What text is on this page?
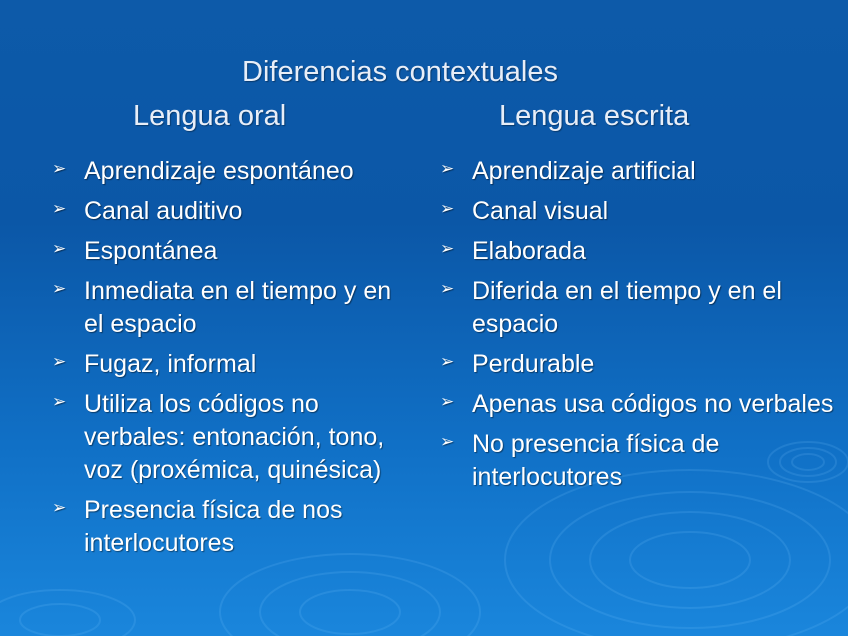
Diferencias contextuales
Lengua oral	Lengua escrita
➢ Aprendizaje espontáneo
➢ Canal auditivo
➢ Espontánea
➢ Inmediata en el tiempo y en el espacio
➢ Fugaz, informal
➢ Utiliza los códigos no verbales: entonación, tono, voz (proxémica, quinésica)
➢ Presencia física de nos interlocutores
➢ Aprendizaje artificial
➢ Canal visual
➢ Elaborada
➢ Diferida en el tiempo y en el espacio
➢ Perdurable
➢ Apenas usa códigos no verbales
➢ No presencia física de interlocutores
